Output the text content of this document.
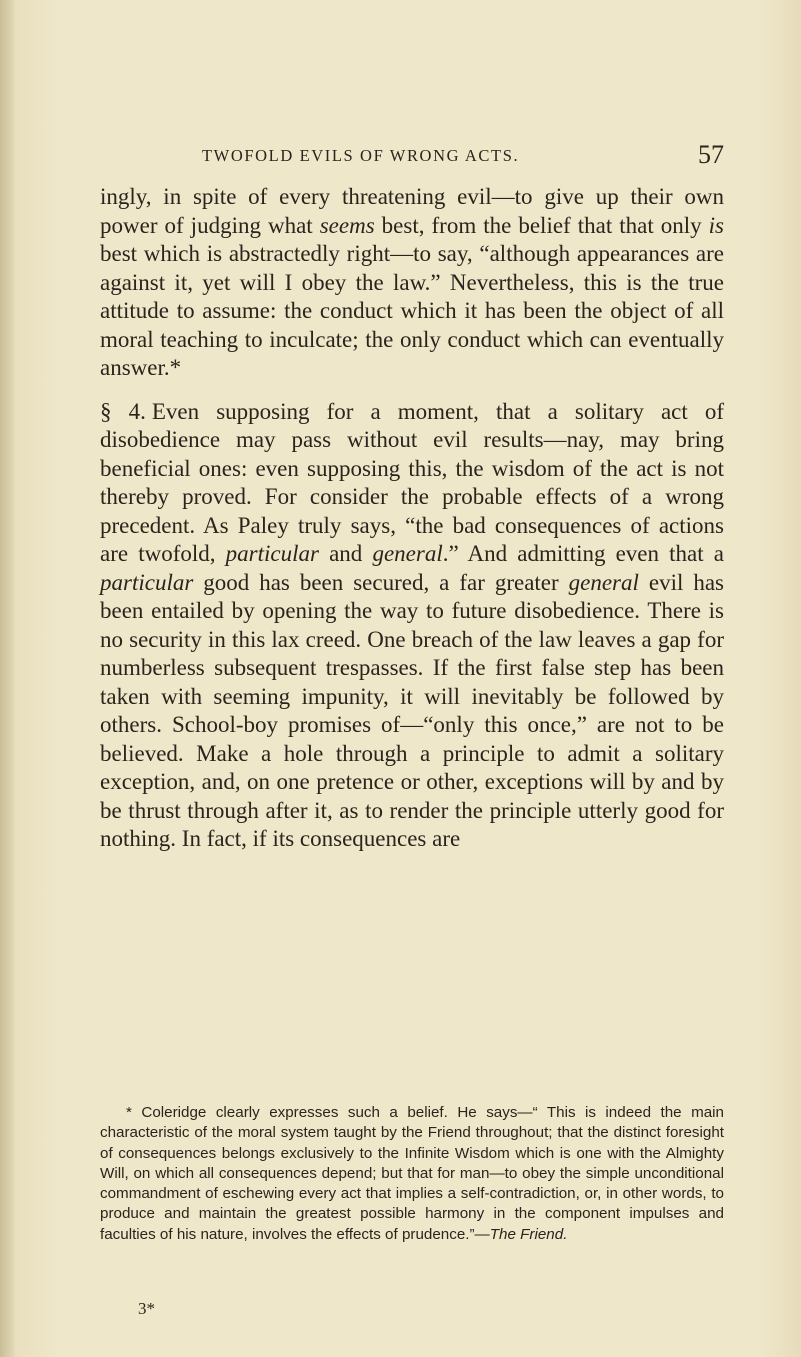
TWOFOLD EVILS OF WRONG ACTS.	57

ingly, in spite of every threatening evil—to give up their own power of judging what seems best, from the belief that that only is best which is abstractedly right—to say, “although appearances are against it, yet will I obey the law.” Nevertheless, this is the true attitude to assume: the conduct which it has been the object of all moral teaching to inculcate; the only conduct which can eventually answer.*

§ 4. Even supposing for a moment, that a solitary act of disobedience may pass without evil results—nay, may bring beneficial ones: even supposing this, the wisdom of the act is not thereby proved. For consider the probable effects of a wrong precedent. As Paley truly says, “the bad consequences of actions are twofold, particular and general.” And admitting even that a particular good has been secured, a far greater general evil has been entailed by opening the way to future disobedience. There is no security in this lax creed. One breach of the law leaves a gap for numberless subsequent trespasses. If the first false step has been taken with seeming impunity, it will inevitably be followed by others. School-boy promises of—“only this once,” are not to be believed. Make a hole through a principle to admit a solitary exception, and, on one pretence or other, exceptions will by and by be thrust through after it, as to render the principle utterly good for nothing. In fact, if its consequences are

* Coleridge clearly expresses such a belief. He says—“ This is indeed the main characteristic of the moral system taught by the Friend throughout; that the distinct foresight of consequences belongs exclusively to the Infinite Wisdom which is one with the Almighty Will, on which all consequences depend; but that for man—to obey the simple unconditional commandment of eschewing every act that implies a self-contradiction, or, in other words, to produce and maintain the greatest possible harmony in the component impulses and faculties of his nature, involves the effects of prudence.”—The Friend.

3*
